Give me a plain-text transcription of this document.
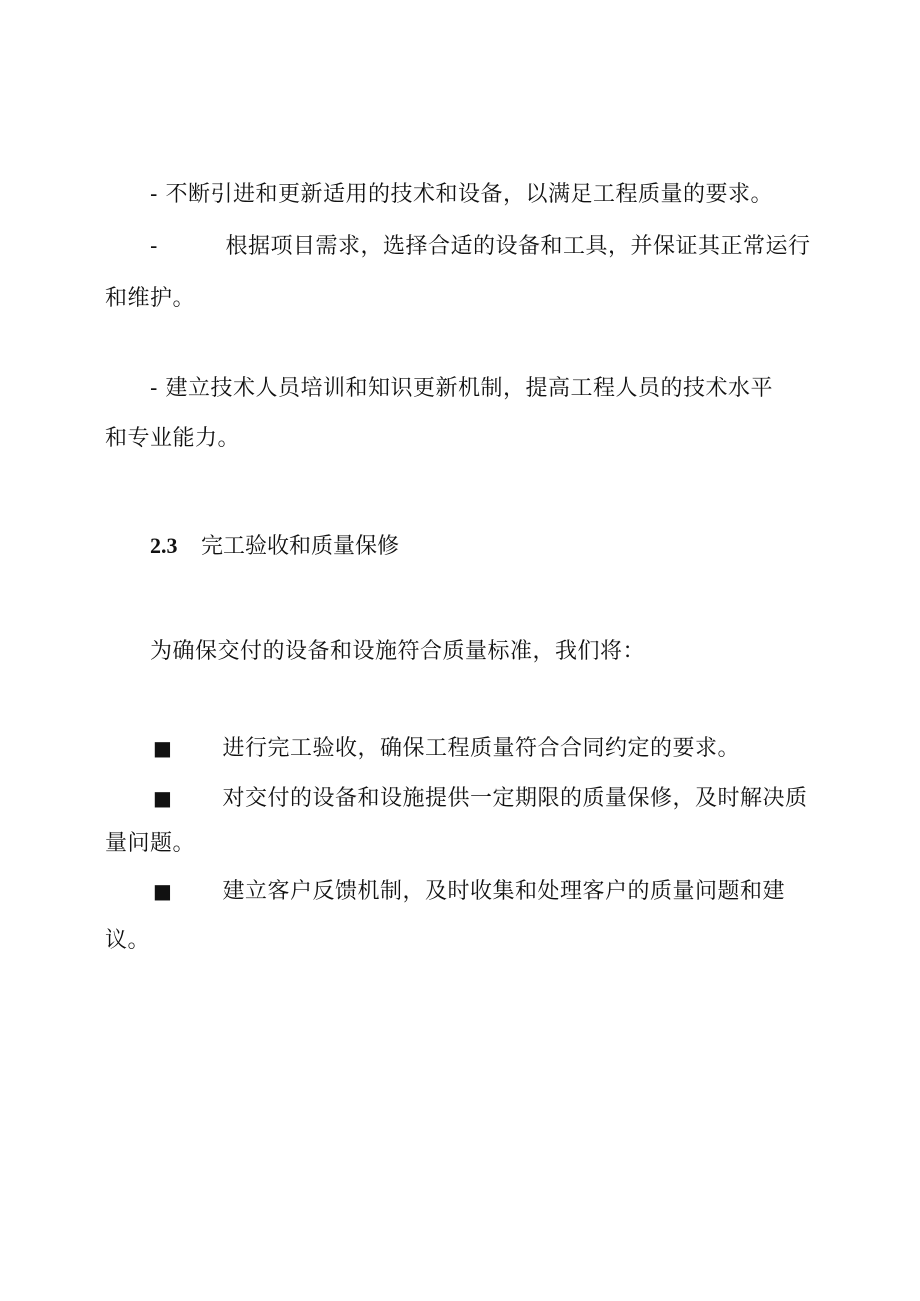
- 不断引进和更新适用的技术和设备，以满足工程质量的要求。
-	根据项目需求，选择合适的设备和工具，并保证其正常运行
和维护。
- 建立技术人员培训和知识更新机制，提高工程人员的技术水平
和专业能力。
2.3 完工验收和质量保修
为确保交付的设备和设施符合质量标准，我们将：
■ 进行完工验收，确保工程质量符合合同约定的要求。
■ 对交付的设备和设施提供一定期限的质量保修，及时解决质
量问题。
■ 建立客户反馈机制，及时收集和处理客户的质量问题和建
议。
